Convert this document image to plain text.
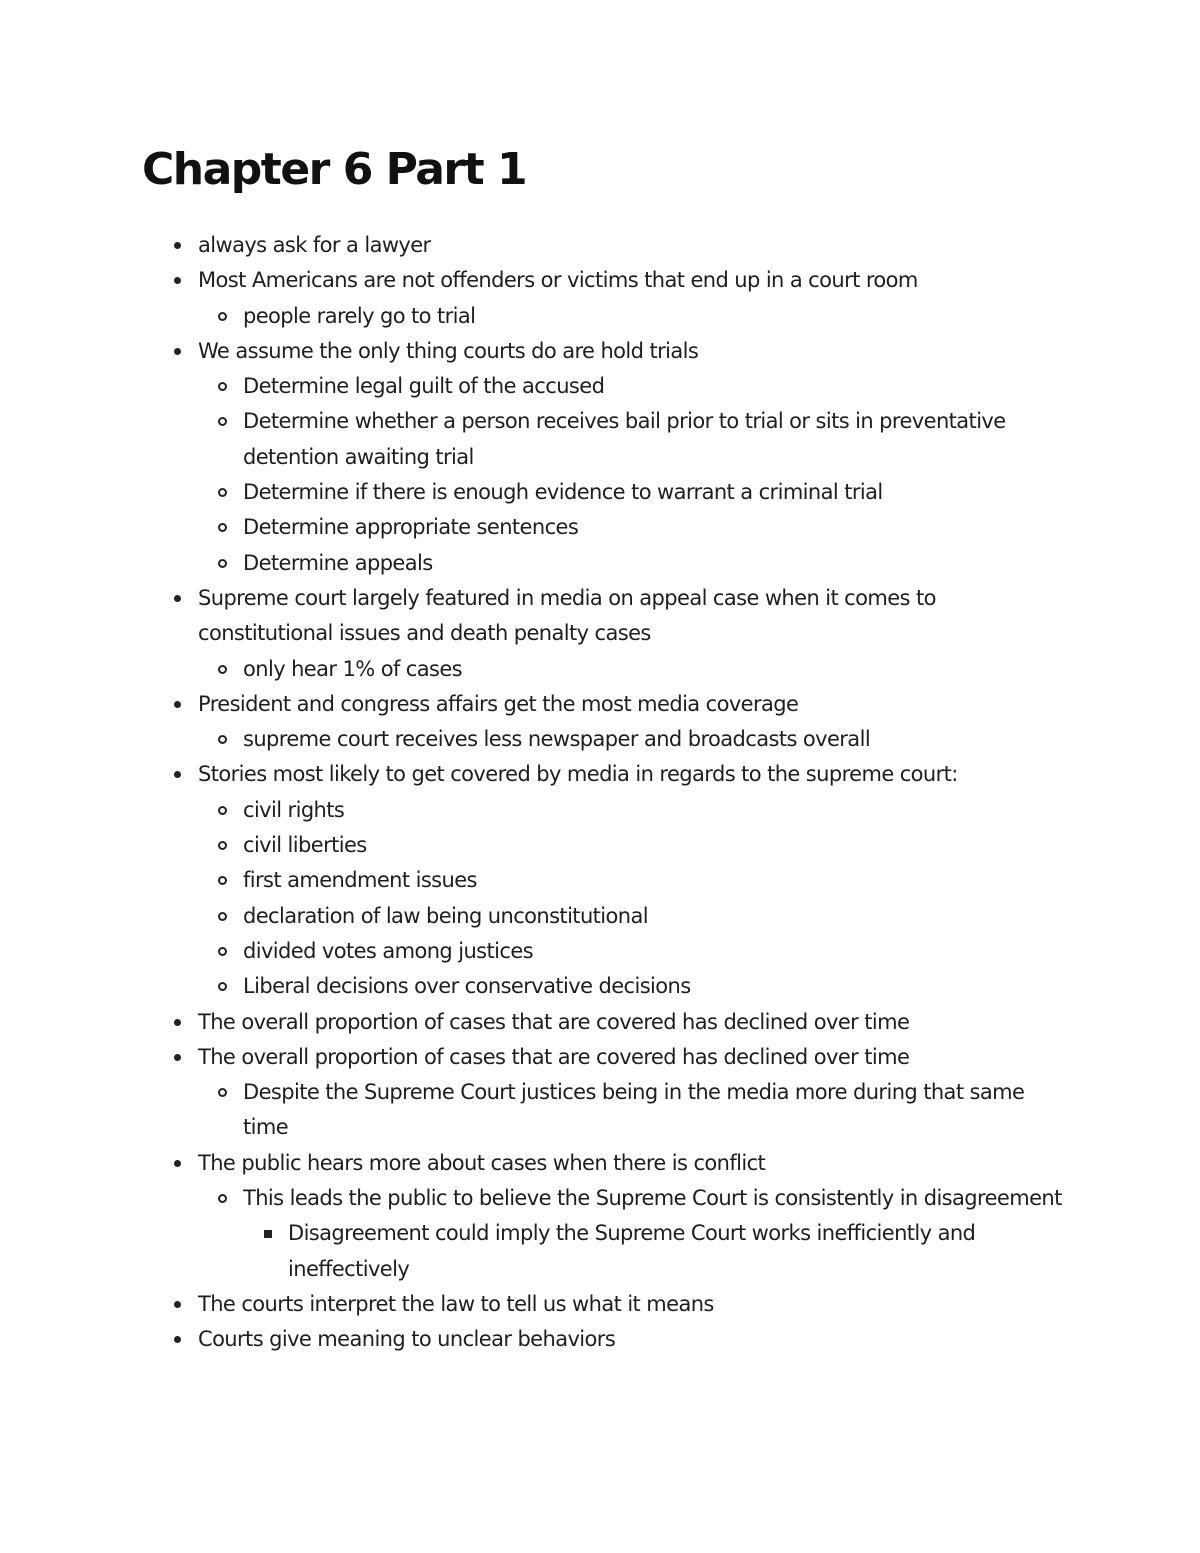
Chapter 6 Part 1
always ask for a lawyer
Most Americans are not offenders or victims that end up in a court room
people rarely go to trial
We assume the only thing courts do are hold trials
Determine legal guilt of the accused
Determine whether a person receives bail prior to trial or sits in preventative detention awaiting trial
Determine if there is enough evidence to warrant a criminal trial
Determine appropriate sentences
Determine appeals
Supreme court largely featured in media on appeal case when it comes to constitutional issues and death penalty cases
only hear 1% of cases
President and congress affairs get the most media coverage
supreme court receives less newspaper and broadcasts overall
Stories most likely to get covered by media in regards to the supreme court:
civil rights
civil liberties
first amendment issues
declaration of law being unconstitutional
divided votes among justices
Liberal decisions over conservative decisions
The overall proportion of cases that are covered has declined over time
The overall proportion of cases that are covered has declined over time
Despite the Supreme Court justices being in the media more during that same time
The public hears more about cases when there is conflict
This leads the public to believe the Supreme Court is consistently in disagreement
Disagreement could imply the Supreme Court works inefficiently and ineffectively
The courts interpret the law to tell us what it means
Courts give meaning to unclear behaviors
